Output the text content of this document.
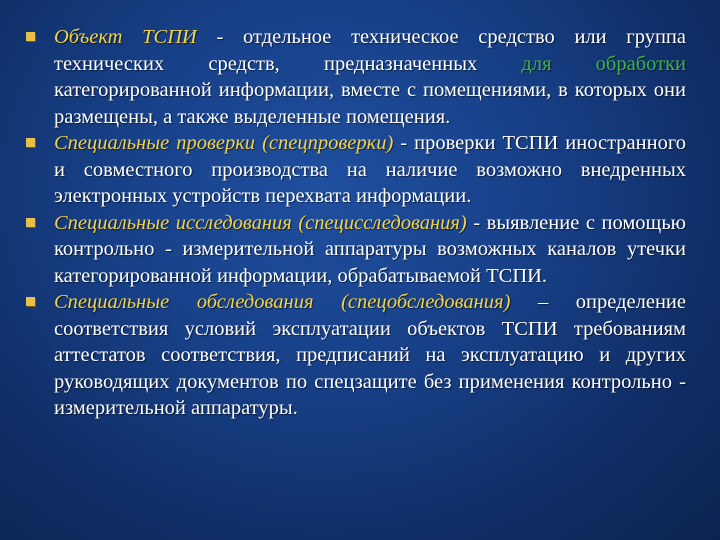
Объект ТСПИ - отдельное техническое средство или группа технических средств, предназначенных для обработки категорированной информации, вместе с помещениями, в которых они размещены, а также выделенные помещения.
Специальные проверки (спецпроверки) - проверки ТСПИ иностранного и совместного производства на наличие возможно внедренных электронных устройств перехвата информации.
Специальные исследования (специсследования) - выявление с помощью контрольно - измерительной аппаратуры возможных каналов утечки категорированной информации, обрабатываемой ТСПИ.
Специальные обследования (спецобследования) – определение соответствия условий эксплуатации объектов ТСПИ требованиям аттестатов соответствия, предписаний на эксплуатацию и других руководящих документов по спецзащите без применения контрольно - измерительной аппаратуры.
